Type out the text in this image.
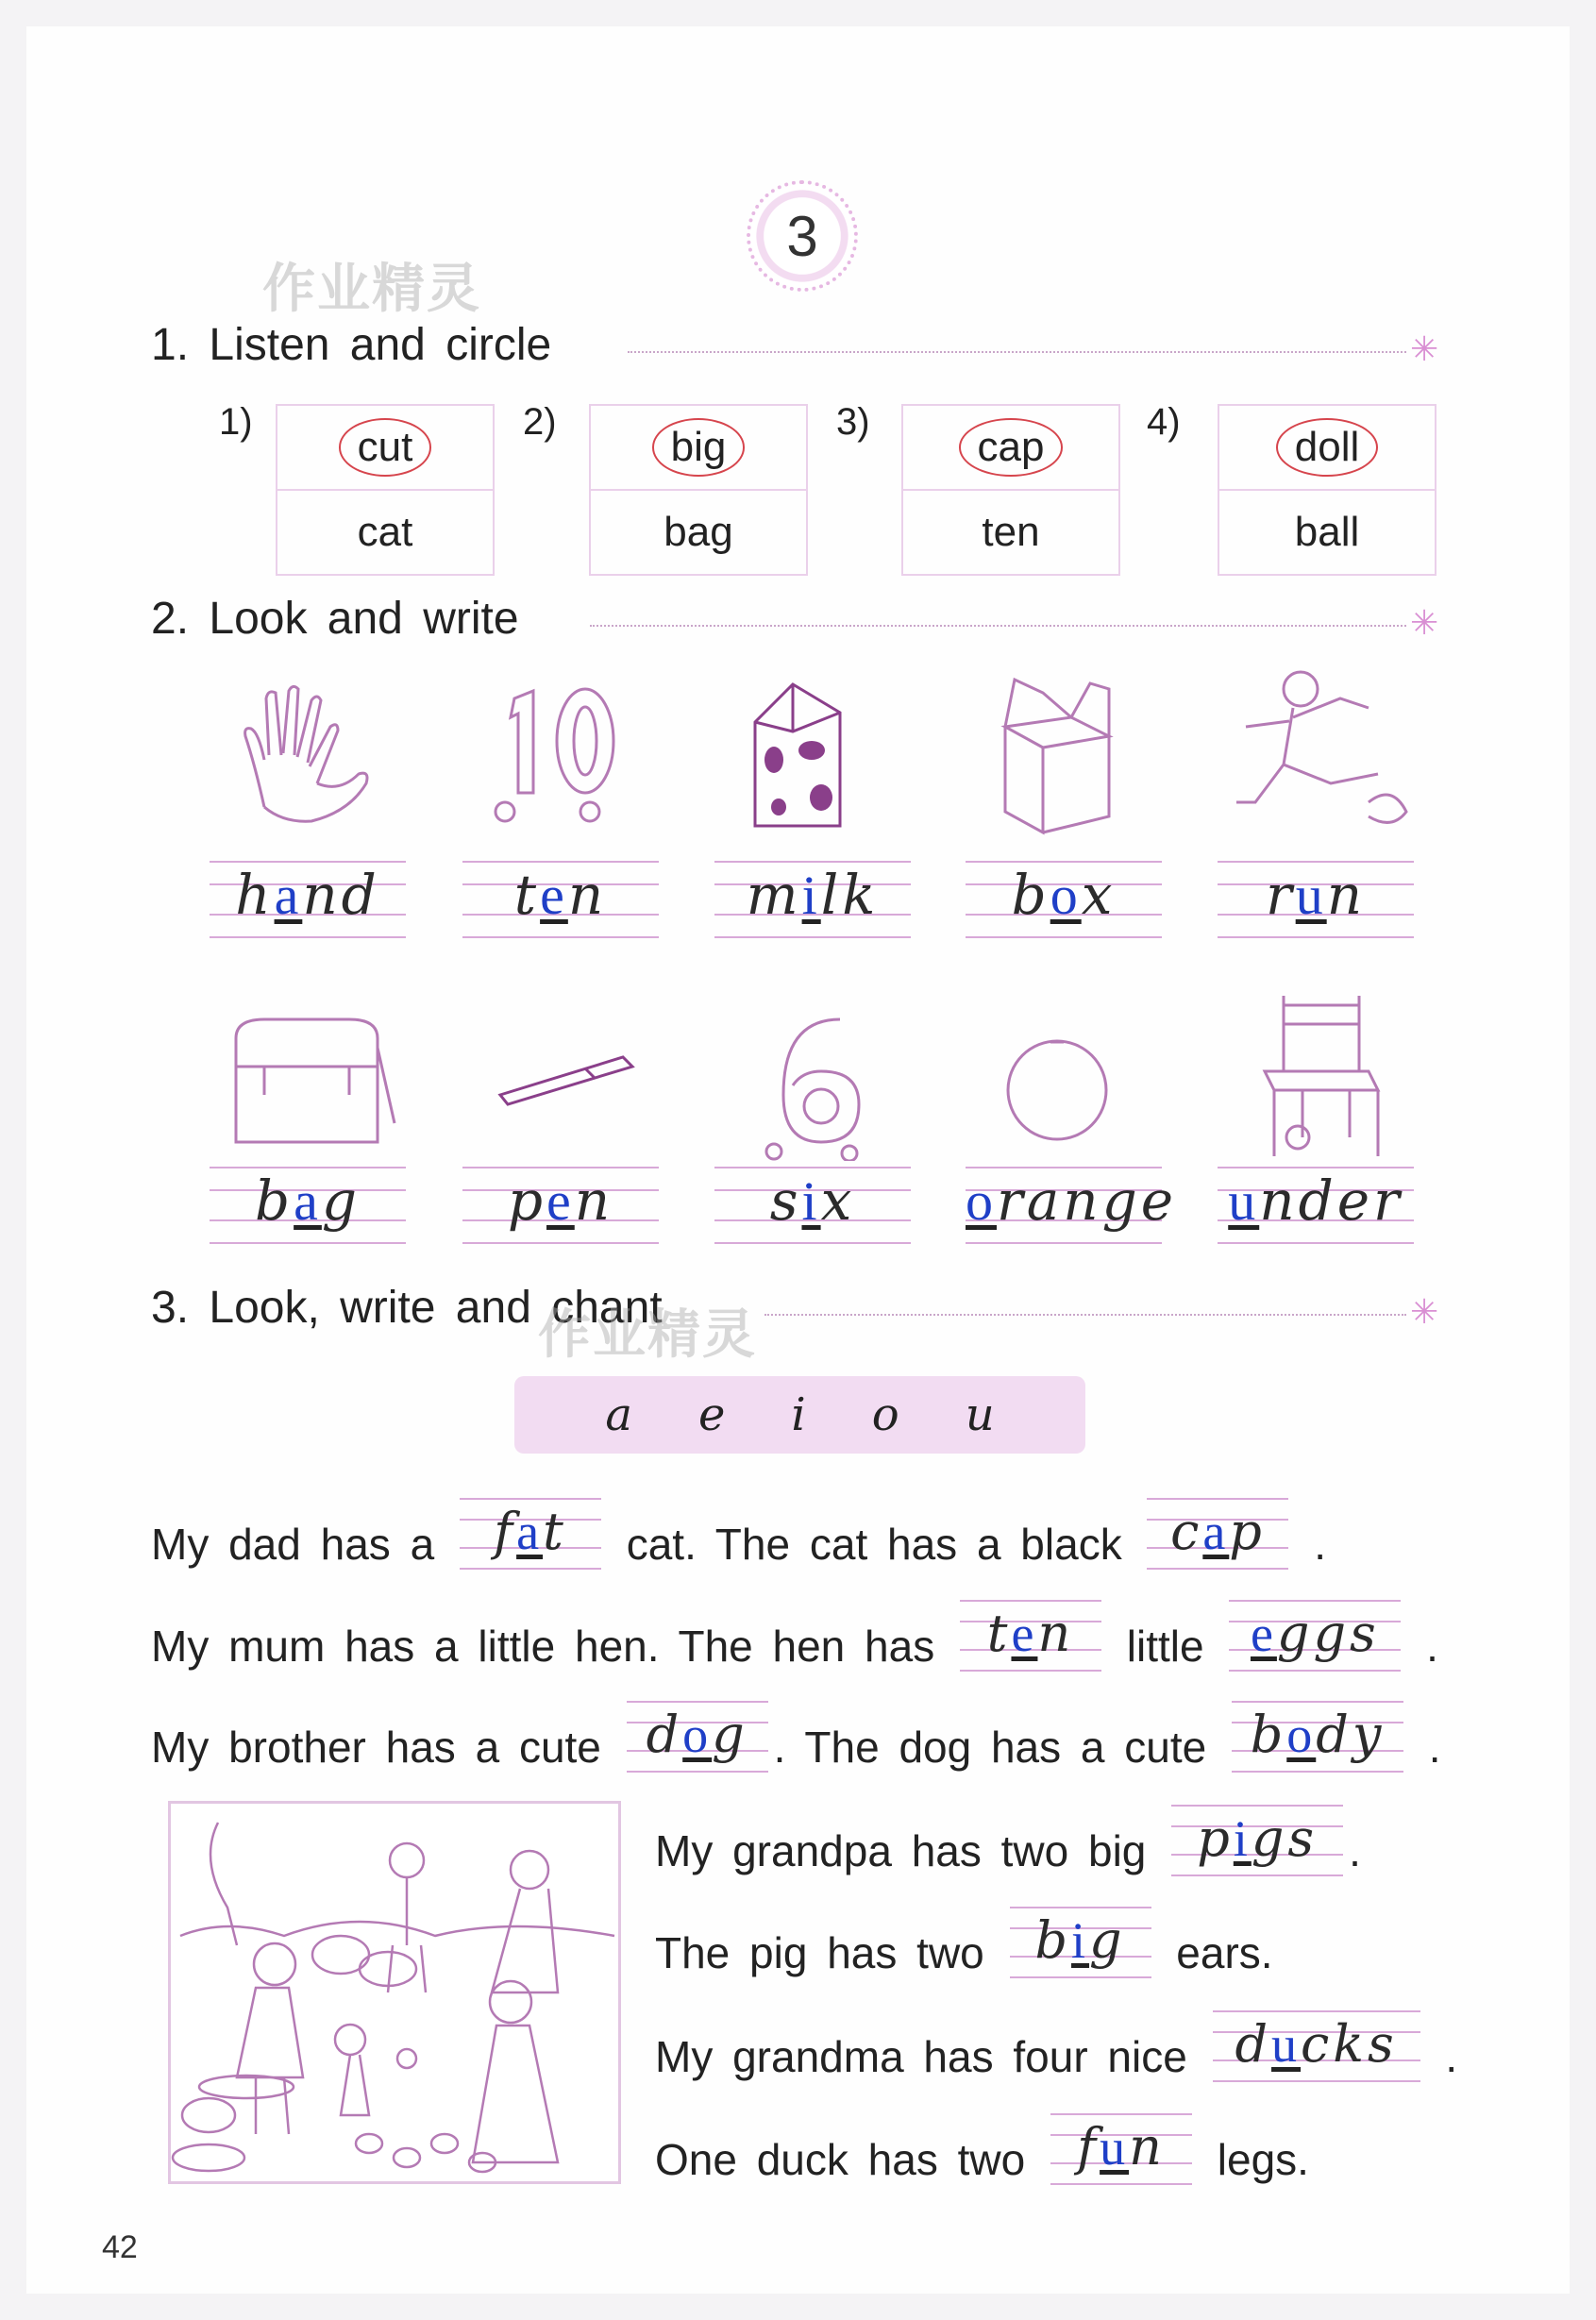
3
作业精灵
1. Listen and circle	✳
1)
cut
cat
2)
big
bag
3)
cap
ten
4)
doll
ball
2. Look and write	✳
hand	ten	milk	box	run
bag	pen	six	orange under
3. Look, write and chant	✳
作业精灵
a e i o u
My dad has a fat cat. The cat has a black cap .
My mum has a little hen. The hen has ten little eggs .
My brother has a cute dog . The dog has a cute body .
My grandpa has two big pigs .
The pig has two big ears.
My grandma has four nice ducks .
One duck has two fun legs.
42
